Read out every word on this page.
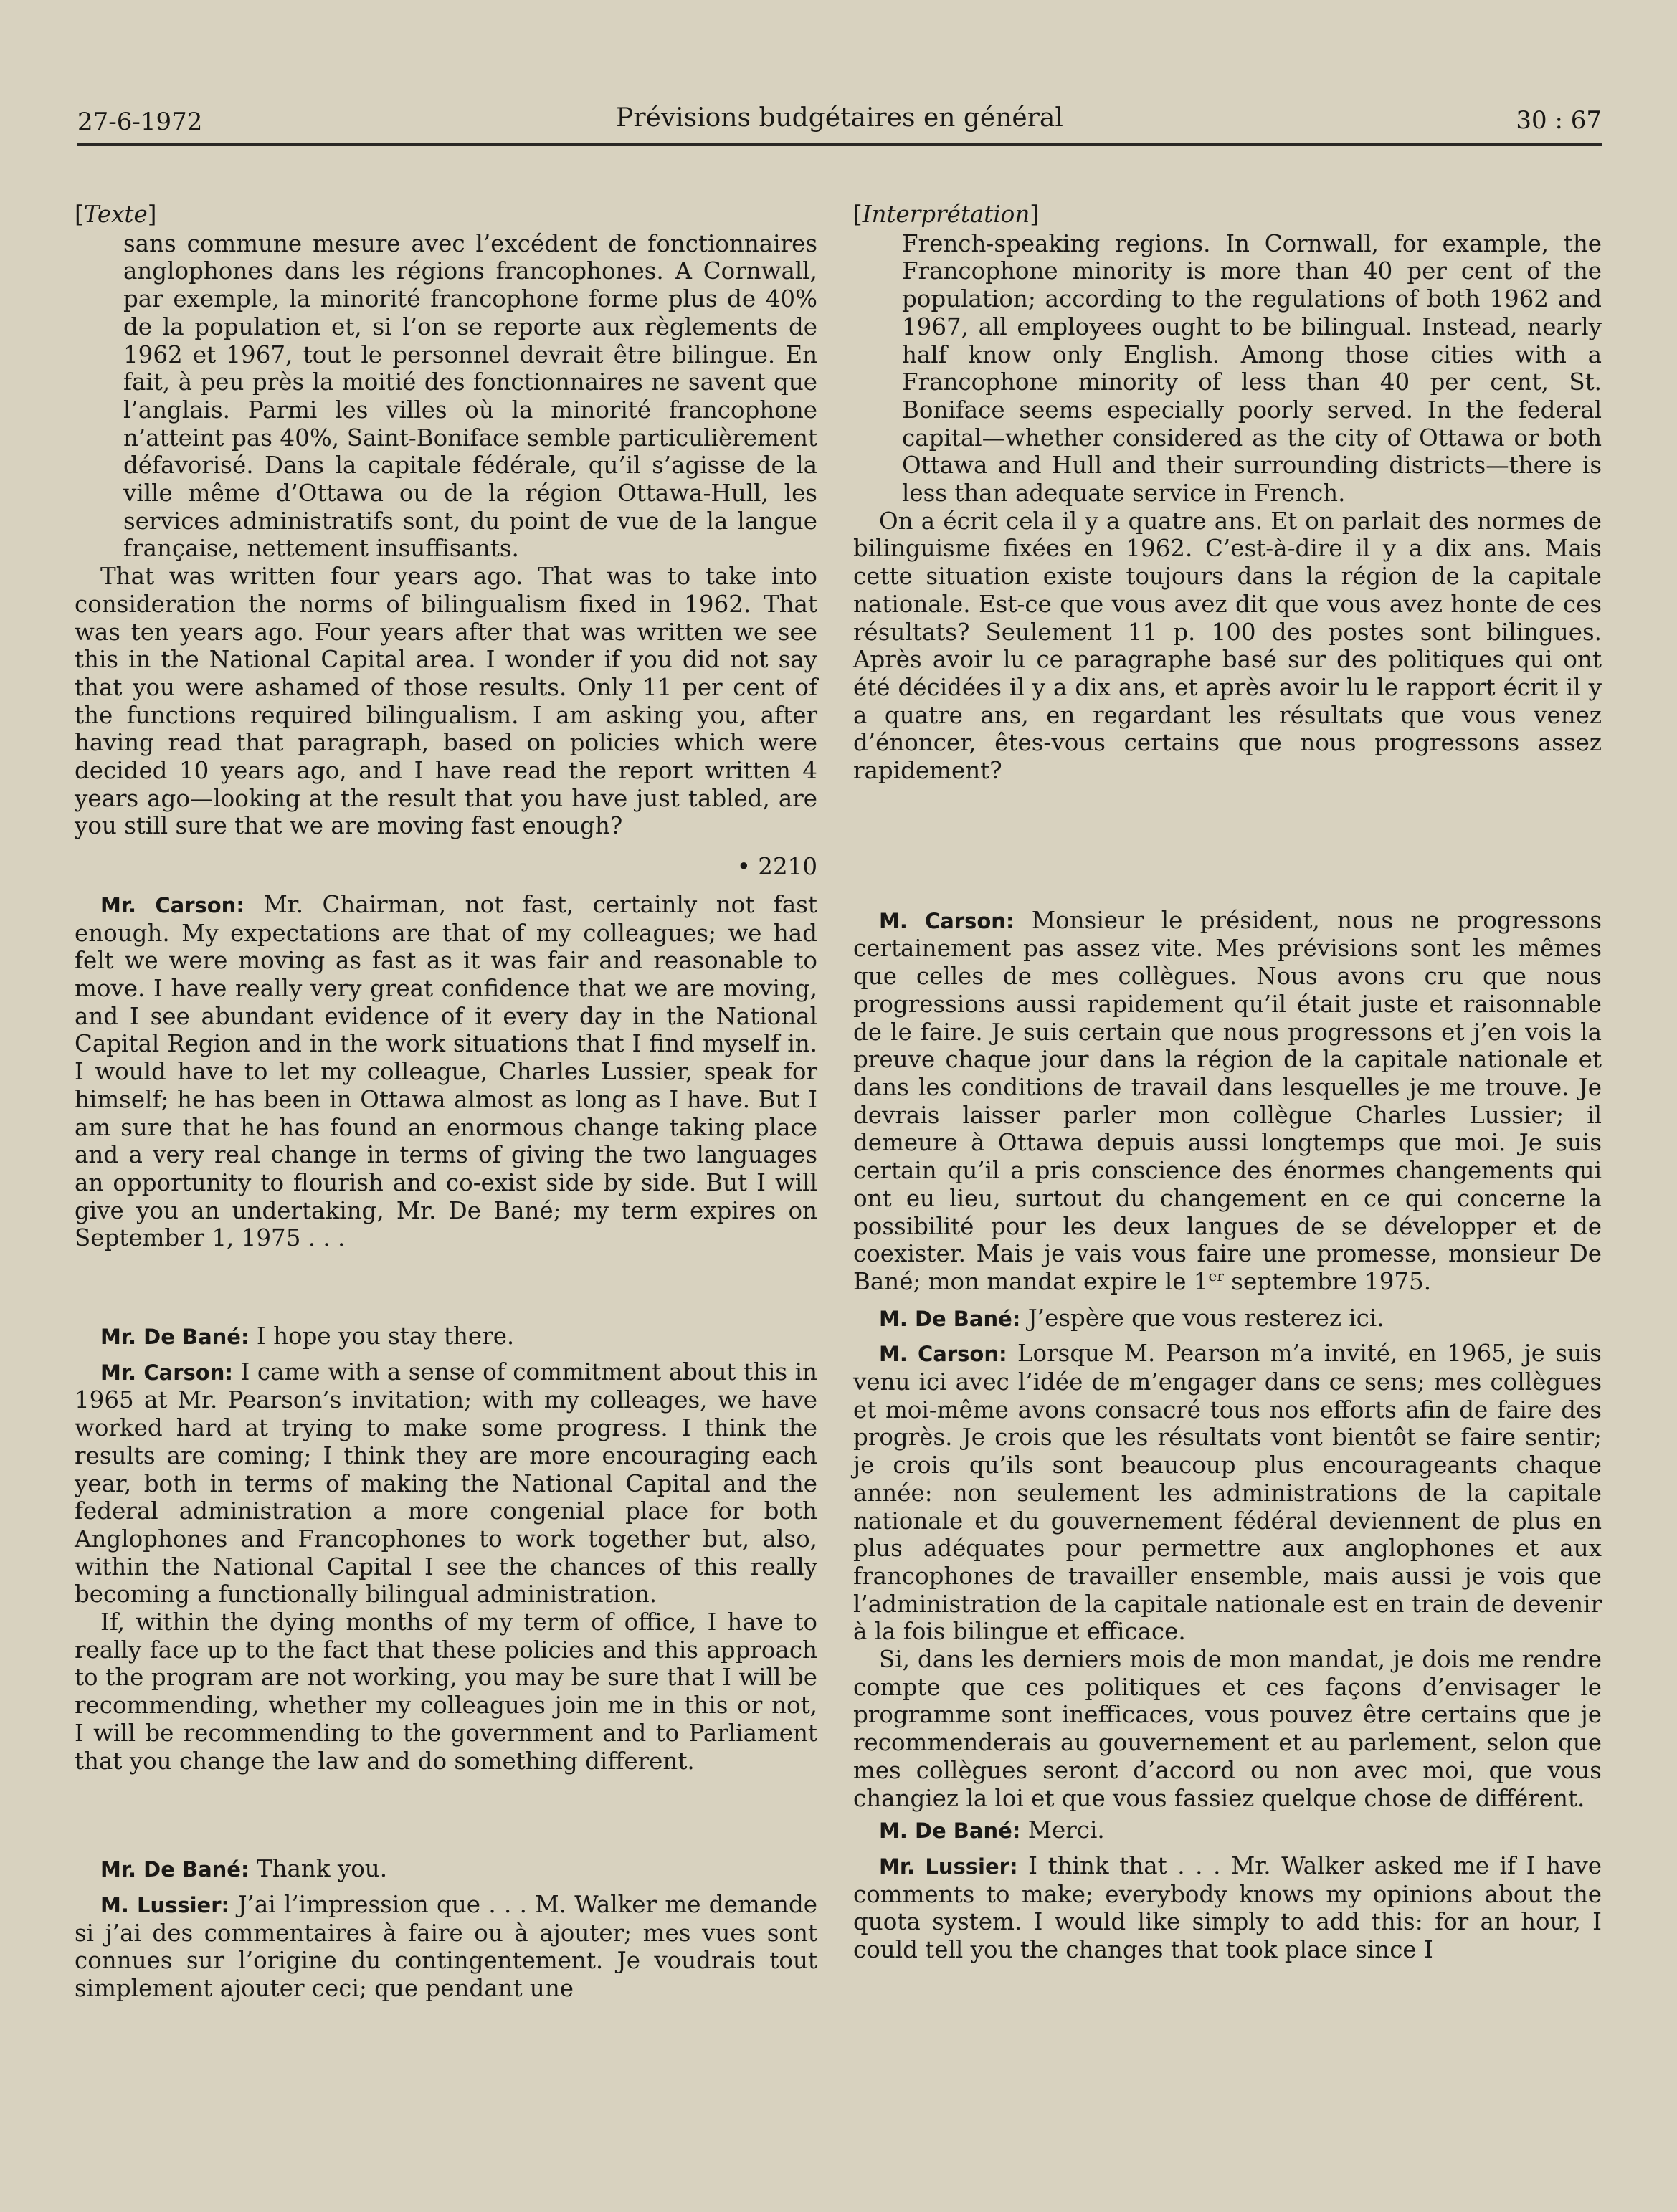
27-6-1972	Prévisions budgétaires en général	30 : 67
[Texte]

sans commune mesure avec l’excédent de fonctionnaires anglophones dans les régions francophones. A Cornwall, par exemple, la minorité francophone forme plus de 40% de la population et, si l’on se reporte aux règlements de 1962 et 1967, tout le personnel devrait être bilingue. En fait, à peu près la moitié des fonctionnaires ne savent que l’anglais. Parmi les villes où la minorité francophone n’atteint pas 40%, Saint-Boniface semble particulièrement défavorisé. Dans la capitale fédérale, qu’il s’agisse de la ville même d’Ottawa ou de la région Ottawa-Hull, les services administratifs sont, du point de vue de la langue française, nettement insuffisants.

That was written four years ago. That was to take into consideration the norms of bilingualism fixed in 1962. That was ten years ago. Four years after that was written we see this in the National Capital area. I wonder if you did not say that you were ashamed of those results. Only 11 per cent of the functions required bilingualism. I am asking you, after having read that paragraph, based on policies which were decided 10 years ago, and I have read the report written 4 years ago—looking at the result that you have just tabled, are you still sure that we are moving fast enough?

• 2210

Mr. Carson: Mr. Chairman, not fast, certainly not fast enough. My expectations are that of my colleagues; we had felt we were moving as fast as it was fair and reasonable to move. I have really very great confidence that we are moving, and I see abundant evidence of it every day in the National Capital Region and in the work situations that I find myself in. I would have to let my colleague, Charles Lussier, speak for himself; he has been in Ottawa almost as long as I have. But I am sure that he has found an enormous change taking place and a very real change in terms of giving the two languages an opportunity to flourish and co-exist side by side. But I will give you an undertaking, Mr. De Bané; my term expires on September 1, 1975 . . .

Mr. De Bané: I hope you stay there.

Mr. Carson: I came with a sense of commitment about this in 1965 at Mr. Pearson’s invitation; with my colleages, we have worked hard at trying to make some progress. I think the results are coming; I think they are more encouraging each year, both in terms of making the National Capital and the federal administration a more congenial place for both Anglophones and Francophones to work together but, also, within the National Capital I see the chances of this really becoming a functionally bilingual administration.

If, within the dying months of my term of office, I have to really face up to the fact that these policies and this approach to the program are not working, you may be sure that I will be recommending, whether my colleagues join me in this or not, I will be recommending to the government and to Parliament that you change the law and do something different.

Mr. De Bané: Thank you.

M. Lussier: J’ai l’impression que . . . M. Walker me demande si j’ai des commentaires à faire ou à ajouter; mes vues sont connues sur l’origine du contingentement. Je voudrais tout simplement ajouter ceci; que pendant une

[Interprétation]

French-speaking regions. In Cornwall, for example, the Francophone minority is more than 40 per cent of the population; according to the regulations of both 1962 and 1967, all employees ought to be bilingual. Instead, nearly half know only English. Among those cities with a Francophone minority of less than 40 per cent, St. Boniface seems especially poorly served. In the federal capital—whether considered as the city of Ottawa or both Ottawa and Hull and their surrounding districts—there is less than adequate service in French.

On a écrit cela il y a quatre ans. Et on parlait des normes de bilinguisme fixées en 1962. C’est-à-dire il y a dix ans. Mais cette situation existe toujours dans la région de la capitale nationale. Est-ce que vous avez dit que vous avez honte de ces résultats? Seulement 11 p. 100 des postes sont bilingues. Après avoir lu ce paragraphe basé sur des politiques qui ont été décidées il y a dix ans, et après avoir lu le rapport écrit il y a quatre ans, en regardant les résultats que vous venez d’énoncer, êtes-vous certains que nous progressons assez rapidement?

M. Carson: Monsieur le président, nous ne progressons certainement pas assez vite. Mes prévisions sont les mêmes que celles de mes collègues. Nous avons cru que nous progressions aussi rapidement qu’il était juste et raisonnable de le faire. Je suis certain que nous progressons et j’en vois la preuve chaque jour dans la région de la capitale nationale et dans les conditions de travail dans lesquelles je me trouve. Je devrais laisser parler mon collègue Charles Lussier; il demeure à Ottawa depuis aussi longtemps que moi. Je suis certain qu’il a pris conscience des énormes changements qui ont eu lieu, surtout du changement en ce qui concerne la possibilité pour les deux langues de se développer et de coexister. Mais je vais vous faire une promesse, monsieur De Bané; mon mandat expire le 1er septembre 1975.

M. De Bané: J’espère que vous resterez ici.

M. Carson: Lorsque M. Pearson m’a invité, en 1965, je suis venu ici avec l’idée de m’engager dans ce sens; mes collègues et moi-même avons consacré tous nos efforts afin de faire des progrès. Je crois que les résultats vont bientôt se faire sentir; je crois qu’ils sont beaucoup plus encourageants chaque année: non seulement les administrations de la capitale nationale et du gouvernement fédéral deviennent de plus en plus adéquates pour permettre aux anglophones et aux francophones de travailler ensemble, mais aussi je vois que l’administration de la capitale nationale est en train de devenir à la fois bilingue et efficace.

Si, dans les derniers mois de mon mandat, je dois me rendre compte que ces politiques et ces façons d’envisager le programme sont inefficaces, vous pouvez être certains que je recommenderais au gouvernement et au parlement, selon que mes collègues seront d’accord ou non avec moi, que vous changiez la loi et que vous fassiez quelque chose de différent.

M. De Bané: Merci.

Mr. Lussier: I think that . . . Mr. Walker asked me if I have comments to make; everybody knows my opinions about the quota system. I would like simply to add this: for an hour, I could tell you the changes that took place since I
